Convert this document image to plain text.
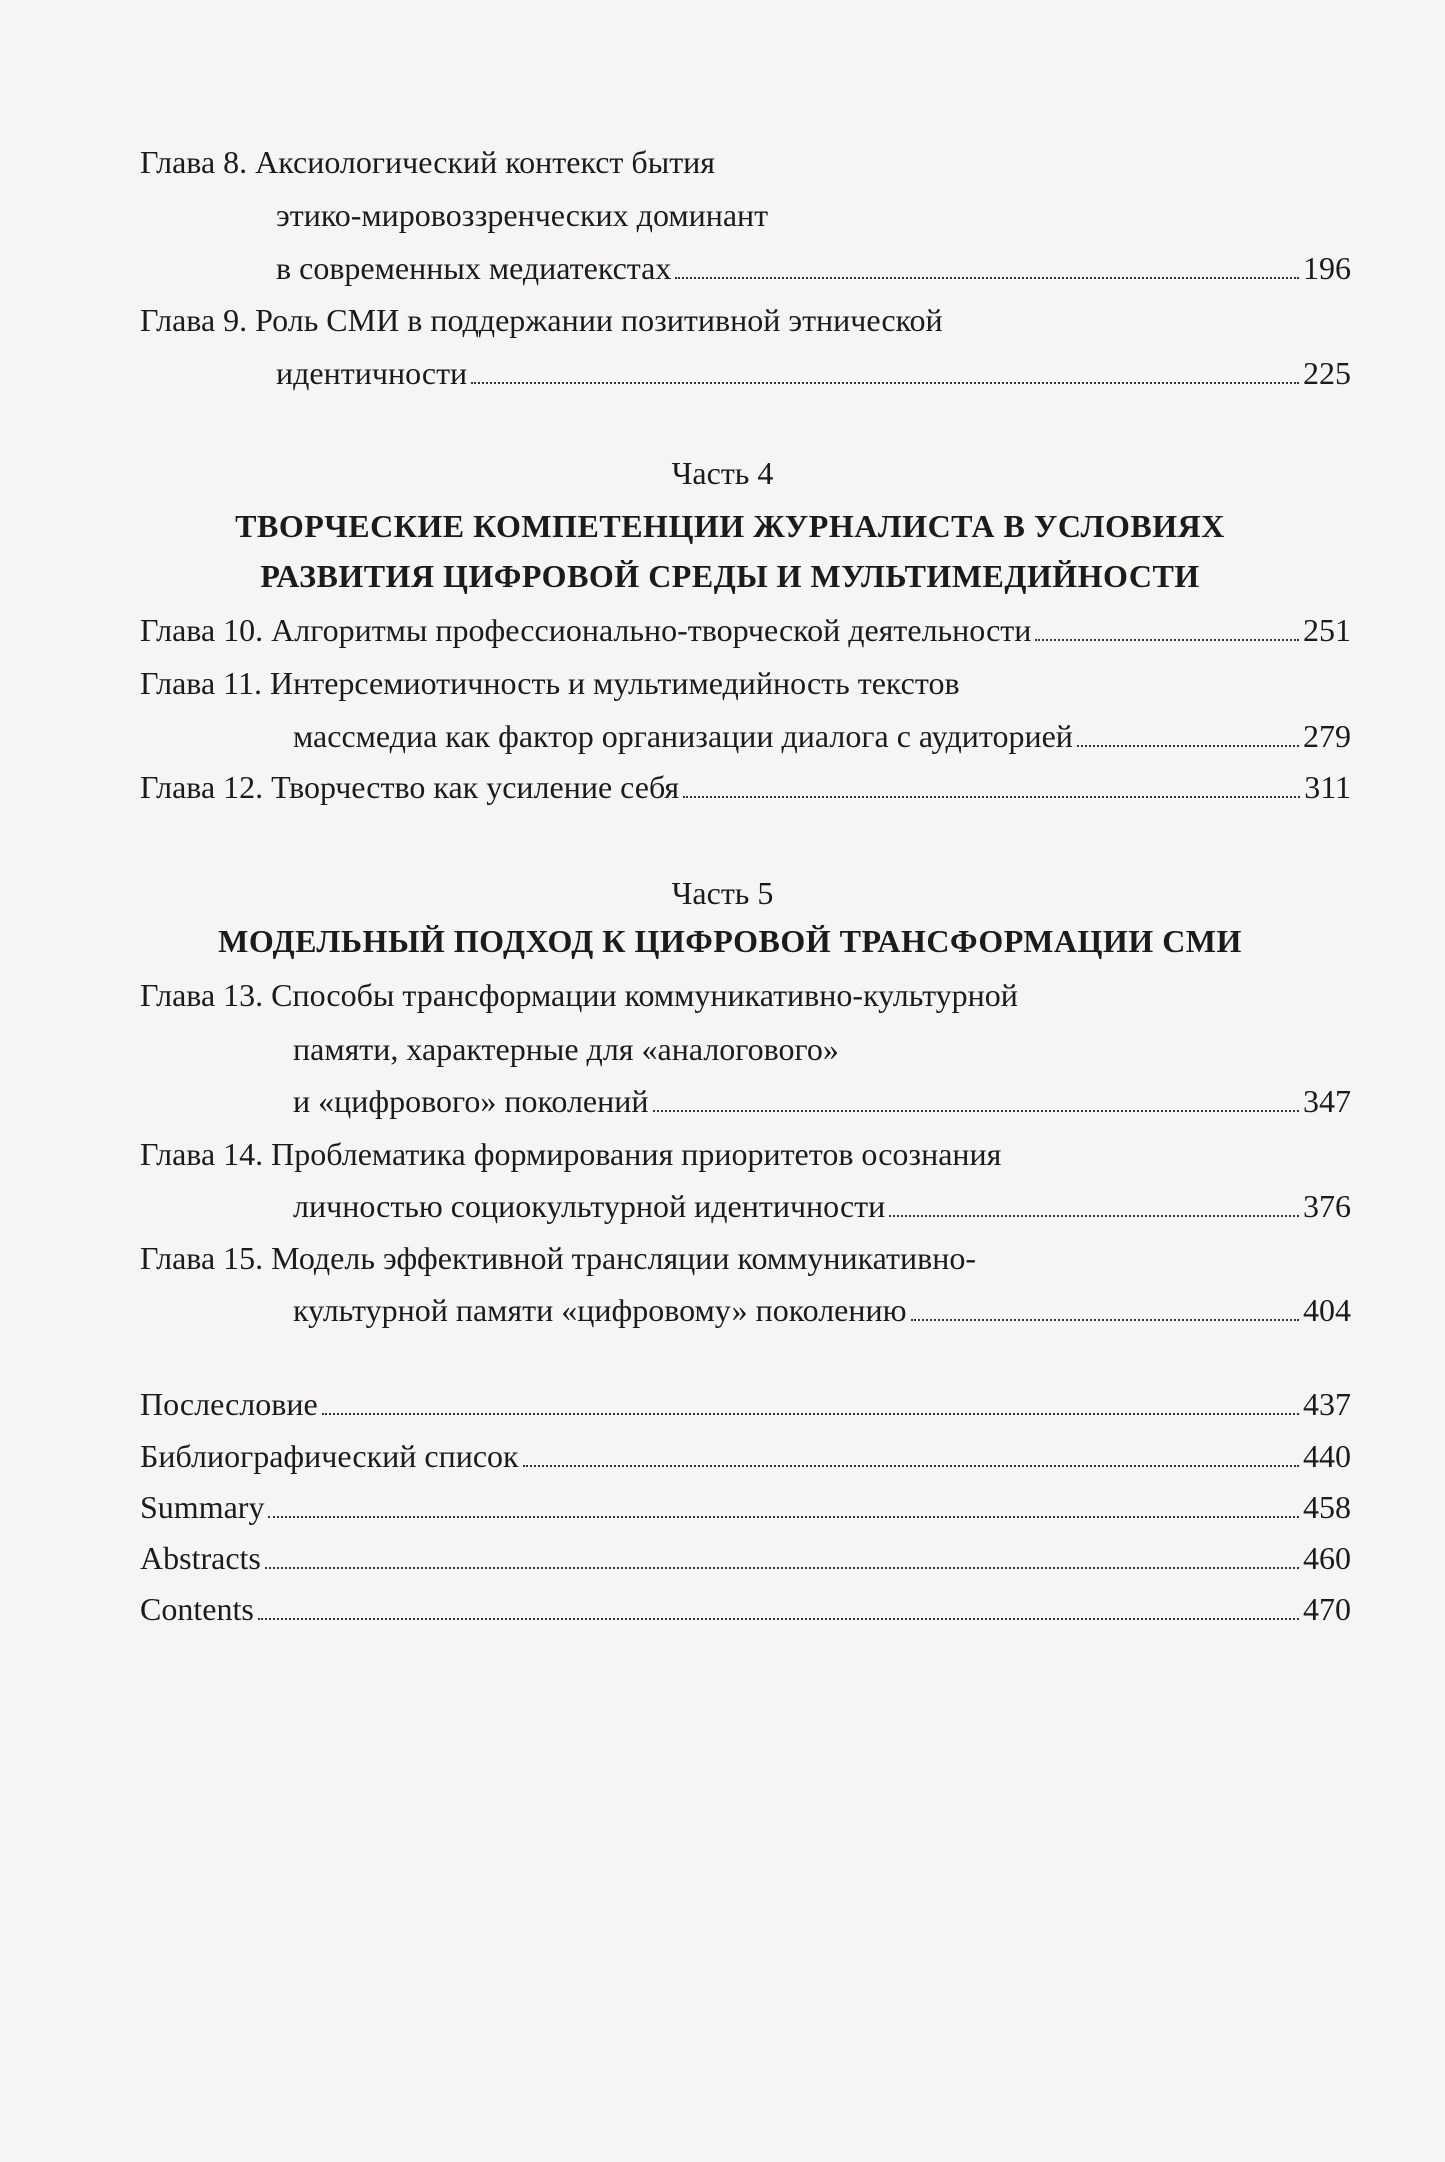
Глава 8. Аксиологический контекст бытия
этико-мировоззренческих доминант
в современных медиатекстах	196
Глава 9. Роль СМИ в поддержании позитивной этнической
идентичности	225
Часть 4
ТВОРЧЕСКИЕ КОМПЕТЕНЦИИ ЖУРНАЛИСТА В УСЛОВИЯХ
РАЗВИТИЯ ЦИФРОВОЙ СРЕДЫ И МУЛЬТИМЕДИЙНОСТИ
Глава 10. Алгоритмы профессионально-творческой деятельности	251
Глава 11. Интерсемиотичность и мультимедийность текстов
массмедиа как фактор организации диалога с аудиторией	279
Глава 12. Творчество как усиление себя	311
Часть 5
МОДЕЛЬНЫЙ ПОДХОД К ЦИФРОВОЙ ТРАНСФОРМАЦИИ СМИ
Глава 13. Способы трансформации коммуникативно-культурной
памяти, характерные для «аналогового»
и «цифрового» поколений	347
Глава 14. Проблематика формирования приоритетов осознания
личностью социокультурной идентичности	376
Глава 15. Модель эффективной трансляции коммуникативно-
культурной памяти «цифровому» поколению	404
Послесловие	437
Библиографический список	440
Summary	458
Abstracts	460
Contents	470
